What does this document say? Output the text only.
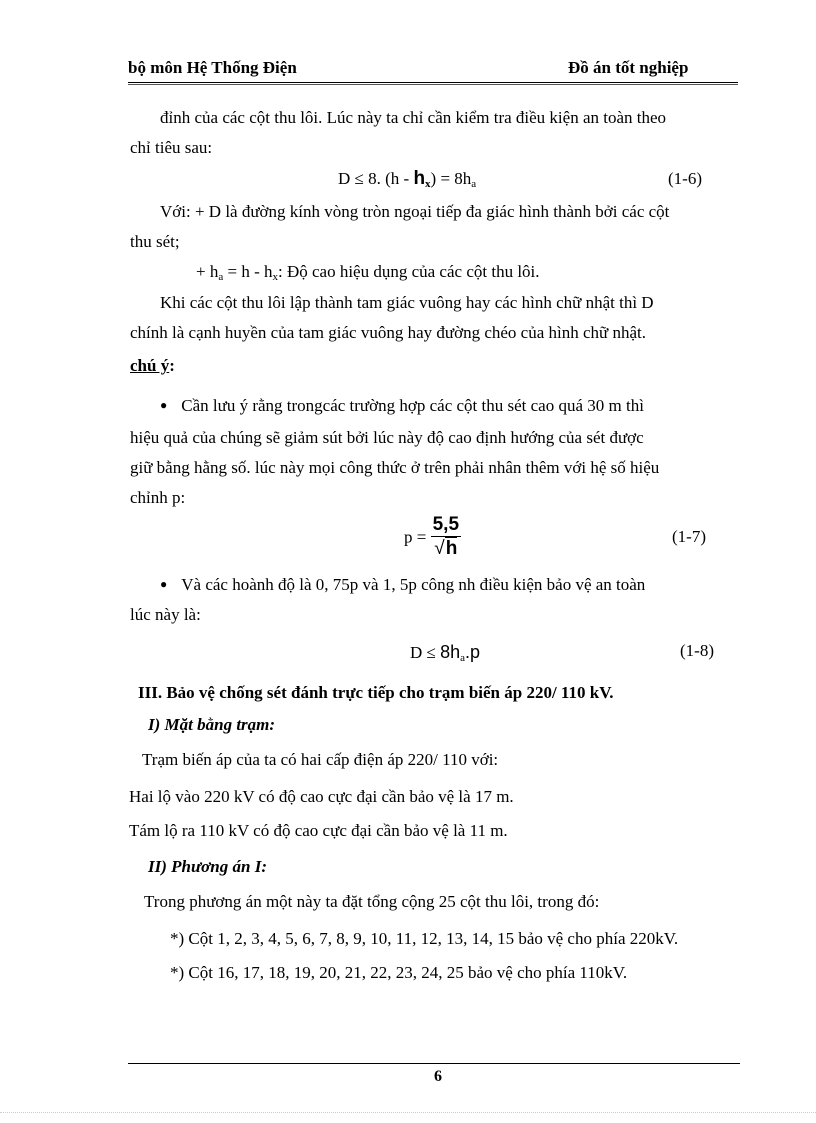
bộ môn Hệ Thống Điện	Đồ án tốt nghiệp
đỉnh của các cột thu lôi. Lúc này ta chỉ cần kiểm tra điều kiện an toàn theo
chỉ tiêu sau:
D ≤ 8. $(h - h_x) = 8h_a$	(1-6)
Với: + D là đường kính vòng tròn ngoại tiếp đa giác hình thành bởi các cột
thu sét;
+ $h_a = h - h_x$: Độ cao hiệu dụng của các cột thu lôi.
Khi các cột thu lôi lập thành tam giác vuông hay các hình chữ nhật thì D
chính là cạnh huyền của tam giác vuông hay đường chéo của hình chữ nhật.
chú ý:
● Cần lưu ý rằng trongcác trường hợp các cột thu sét cao quá 30 m thì
hiệu quả của chúng sẽ giảm sút bởi lúc này độ cao định hướng của sét được
giữ bằng hằng số. lúc này mọi công thức ở trên phải nhân thêm với hệ số hiệu
chỉnh p:
$p = \frac{5,5}{√h}$	(1-7)
● Và các hoành độ là 0, 75p và 1, 5p công nh điều kiện bảo vệ an toàn
lúc này là:
$D \le 8h_a.p$	(1-8)
III. Bảo vệ chống sét đánh trực tiếp cho trạm biến áp 220/ 110 kV.
I) Mặt bằng trạm:
Trạm biến áp của ta có hai cấp điện áp 220/ 110 với:
Hai lộ vào 220 kV có độ cao cực đại cần bảo vệ là 17 m.
Tám lộ ra 110 kV có độ cao cực đại cần bảo vệ là 11 m.
II) Phương án I:
Trong phương án một này ta đặt tổng cộng 25 cột thu lôi, trong đó:
*) Cột 1, 2, 3, 4, 5, 6, 7, 8, 9, 10, 11, 12, 13, 14, 15 bảo vệ cho phía 220kV.
*) Cột 16, 17, 18, 19, 20, 21, 22, 23, 24, 25 bảo vệ cho phía 110kV.
6
